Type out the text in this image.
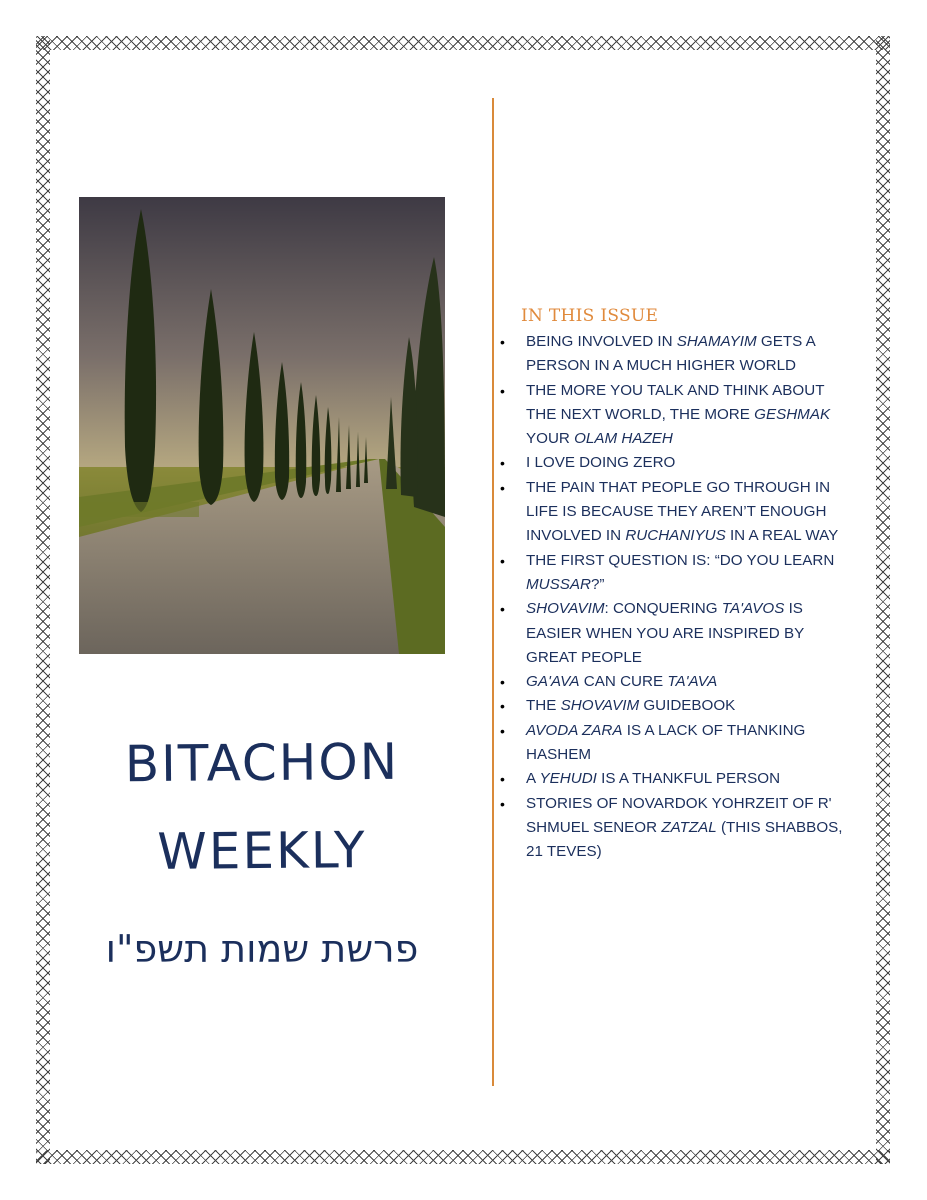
BITACHON
WEEKLY
פרשת שמות תשפ"ו
IN THIS ISSUE
• BEING INVOLVED IN SHAMAYIM GETS A PERSON IN A MUCH HIGHER WORLD
• THE MORE YOU TALK AND THINK ABOUT THE NEXT WORLD, THE MORE GESHMAK YOUR OLAM HAZEH
• I LOVE DOING ZERO
• THE PAIN THAT PEOPLE GO THROUGH IN LIFE IS BECAUSE THEY AREN’T ENOUGH INVOLVED IN RUCHANIYUS IN A REAL WAY
• THE FIRST QUESTION IS: “DO YOU LEARN MUSSAR?”
• SHOVAVIM: CONQUERING TA'AVOS IS EASIER WHEN YOU ARE INSPIRED BY GREAT PEOPLE
• GA'AVA CAN CURE TA'AVA
• THE SHOVAVIM GUIDEBOOK
• AVODA ZARA IS A LACK OF THANKING HASHEM
• A YEHUDI IS A THANKFUL PERSON
• STORIES OF NOVARDOK YOHRZEIT OF R' SHMUEL SENEOR ZATZAL (THIS SHABBOS, 21 TEVES)
